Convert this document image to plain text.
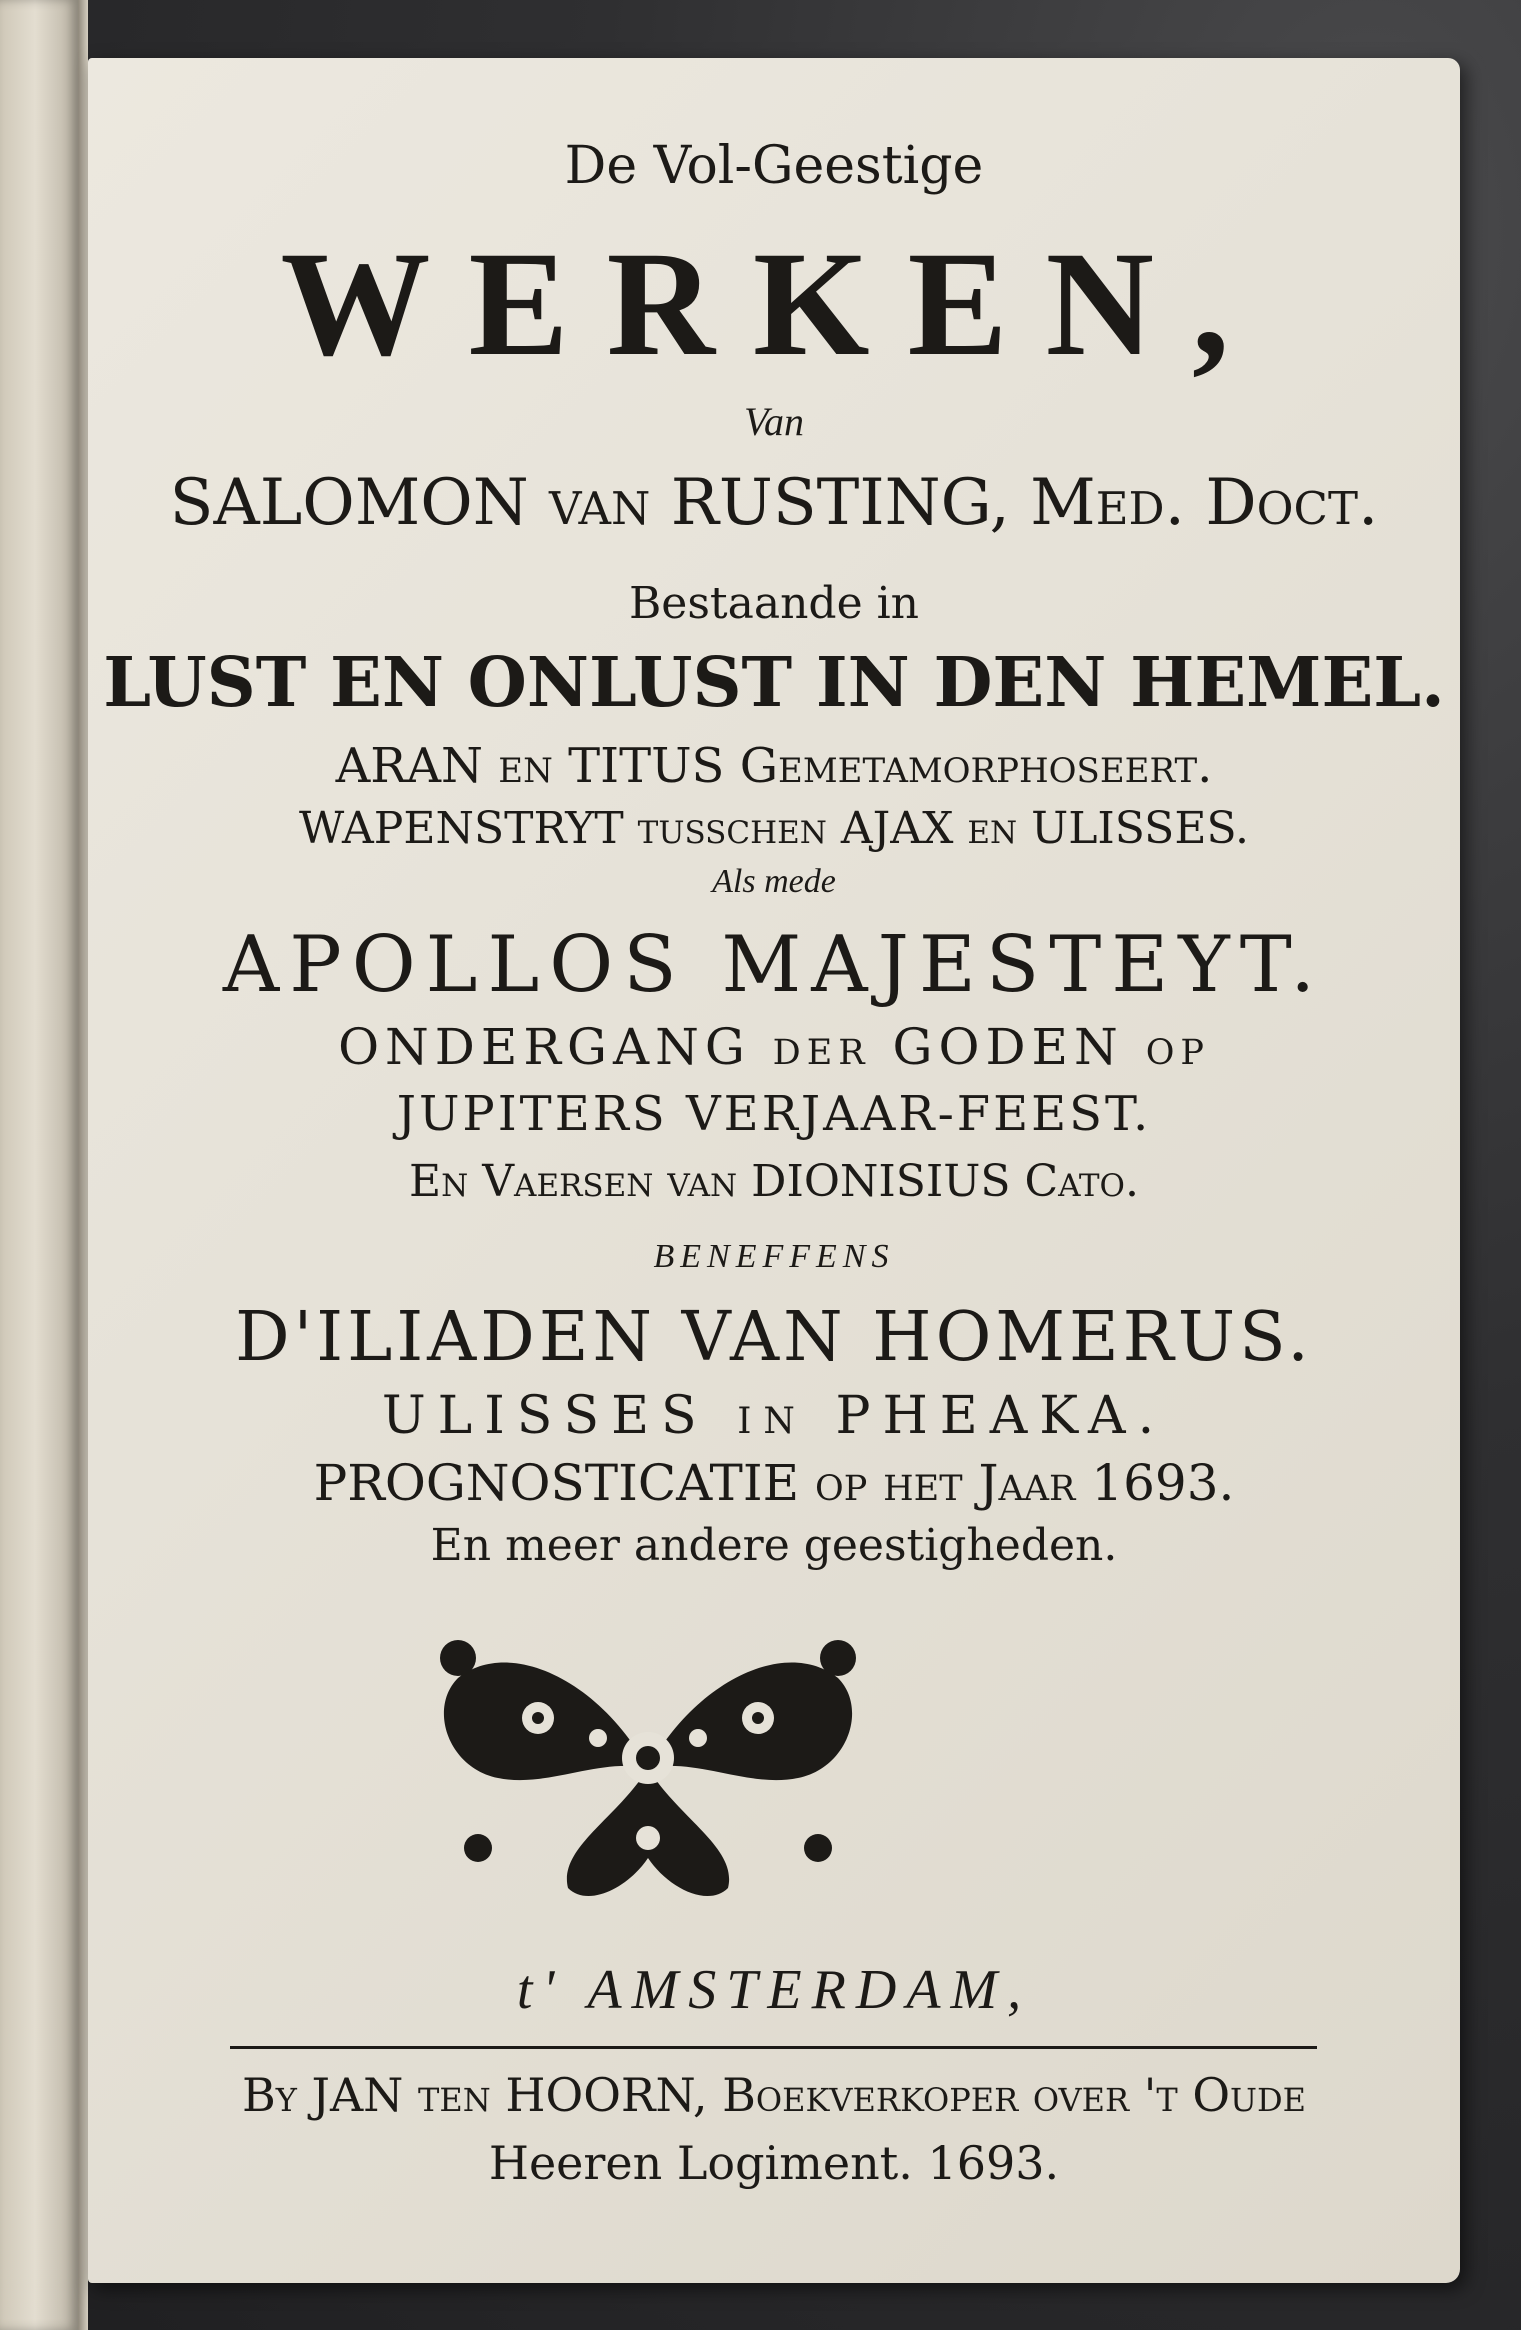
De Vol-Geestige
WERKEN,
Van
SALOMON van RUSTING, Med. Doct.
Bestaande in
LUST EN ONLUST IN DEN HEMEL.
ARAN en TITUS Gemetamorphoseert.
WAPENSTRYT tusschen AJAX en ULISSES.
Als mede
APOLLOS MAJESTEYT.
ONDERGANG der GODEN op
JUPITERS VERJAAR-FEEST.
En Vaersen van DIONISIUS Cato.
BENEFFENS
D'ILIADEN VAN HOMERUS.
ULISSES in PHEAKA.
PROGNOSTICATIE op het Jaar 1693.
En meer andere geestigheden.
t' AMSTERDAM,
By JAN ten HOORN, Boekverkoper over 't Oude
Heeren Logiment. 1693.
